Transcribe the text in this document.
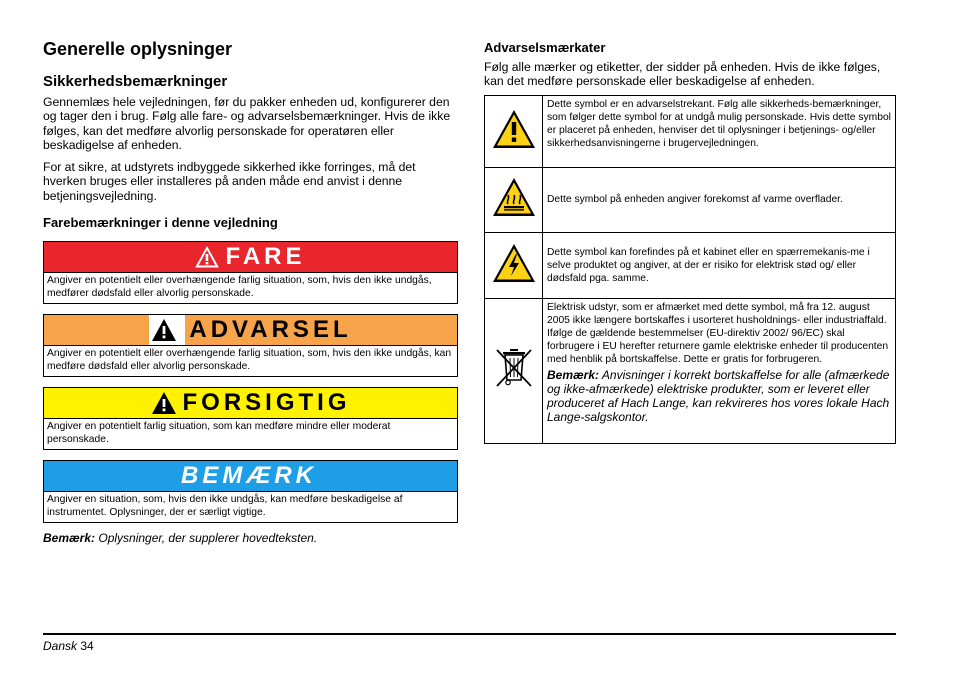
Generelle oplysninger
Sikkerhedsbemærkninger

Gennemlæs hele vejledningen, før du pakker enheden ud, konfigurerer den og tager den i brug. Følg alle fare- og advarselsbemærkninger. Hvis de ikke følges, kan det medføre alvorlig personskade for operatøren eller beskadigelse af enheden.

For at sikre, at udstyrets indbyggede sikkerhed ikke forringes, må det hverken bruges eller installeres på anden måde end anvist i denne betjeningsvejledning.

Farebemærkninger i denne vejledning
FARE
Angiver en potentielt eller overhængende farlig situation, som, hvis den ikke undgås, medfører dødsfald eller alvorlig personskade.
ADVARSEL
Angiver en potentielt eller overhængende farlig situation, som, hvis den ikke undgås, kan medføre dødsfald eller alvorlig personskade.
FORSIGTIG
Angiver en potentielt farlig situation, som kan medføre mindre eller moderat personskade.
BEMÆRK
Angiver en situation, som, hvis den ikke undgås, kan medføre beskadigelse af instrumentet. Oplysninger, der er særligt vigtige.

Bemærk: Oplysninger, der supplerer hovedteksten.

Advarselsmærkater

Følg alle mærker og etiketter, der sidder på enheden. Hvis de ikke følges, kan det medføre personskade eller beskadigelse af enheden.

	Dette symbol er en advarselstrekant. Følg alle sikkerheds-bemærkninger, som følger dette symbol for at undgå mulig personskade. Hvis dette symbol er placeret på enheden, henviser det til oplysninger i betjenings- og/eller sikkerhedsanvisningerne i brugervejledningen.
	Dette symbol på enheden angiver forekomst af varme overflader.
	Dette symbol kan forefindes på et kabinet eller en spærremekanis-me i selve produktet og angiver, at der er risiko for elektrisk stød og/ eller dødsfald pga. samme.

Elektrisk udstyr, som er afmærket med dette symbol, må fra 12. august 2005 ikke længere bortskaffes i usorteret husholdnings- eller industriaffald. Ifølge de gældende bestemmelser (EU-direktiv 2002/ 96/EC) skal forbrugere i EU herefter returnere gamle elektriske enheder til producenten med henblik på bortskaffelse. Dette er gratis for forbrugeren.
Bemærk: Anvisninger i korrekt bortskaffelse for alle (afmærkede og ikke-afmærkede) elektriske produkter, som er leveret eller produceret af Hach Lange, kan rekvireres hos vores lokale Hach Lange-salgskontor.
Dansk 34
